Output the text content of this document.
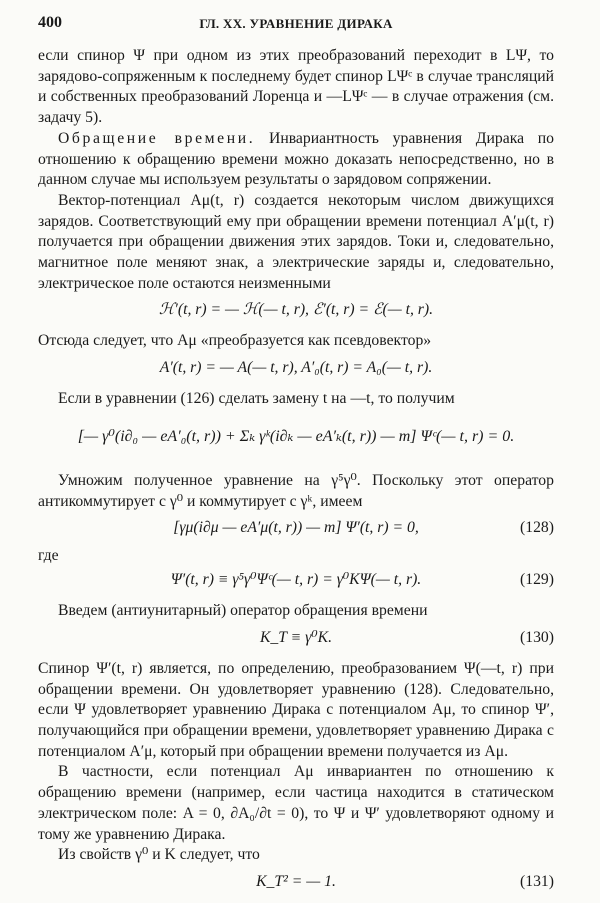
400	ГЛ. XX. УРАВНЕНИЕ ДИРАКА

если спинор Ψ при одном из этих преобразований переходит в LΨ, то зарядово-сопряженным к последнему будет спинор LΨᶜ в случае трансляций и собственных преобразований Лоренца и —LΨᶜ — в случае отражения (см. задачу 5).

Обращение времени. Инвариантность уравнения Дирака по отношению к обращению времени можно доказать непосредственно, но в данном случае мы используем результаты о зарядовом сопряжении.

Вектор-потенциал Aμ(t, r) создается некоторым числом движущихся зарядов. Соответствующий ему при обращении времени потенциал A′μ(t, r) получается при обращении движения этих зарядов. Токи и, следовательно, магнитное поле меняют знак, а электрические заряды и, следовательно, электрическое поле остаются неизменными

ℋ′(t, r) = — ℋ(— t, r), ℰ′(t, r) = ℰ(— t, r).

Отсюда следует, что Aμ «преобразуется как псевдовектор»

A′(t, r) = — A(— t, r), A′₀(t, r) = A₀(— t, r).

Если в уравнении (126) сделать замену t на —t, то получим

[— γ⁰(i∂₀ — eA′₀(t, r)) + Σₖ γᵏ(i∂ₖ — eA′ₖ(t, r)) — m] Ψᶜ(— t, r) = 0.

Умножим полученное уравнение на γ⁵γ⁰. Поскольку этот оператор антикоммутирует с γ⁰ и коммутирует с γᵏ, имеем

[γμ(i∂μ — eA′μ(t, r)) — m] Ψ′(t, r) = 0,	(128)
где
Ψ′(t, r) ≡ γ⁵γ⁰Ψᶜ(— t, r) = γ⁰KΨ(— t, r).	(129)

Введем (антиунитарный) оператор обращения времени

K_T ≡ γ⁰K.	(130)

Спинор Ψ′(t, r) является, по определению, преобразованием Ψ(—t, r) при обращении времени. Он удовлетворяет уравнению (128). Следовательно, если Ψ удовлетворяет уравнению Дирака с потенциалом Aμ, то спинор Ψ′, получающийся при обращении времени, удовлетворяет уравнению Дирака с потенциалом A′μ, который при обращении времени получается из Aμ.

В частности, если потенциал Aμ инвариантен по отношению к обращению времени (например, если частица находится в статическом электрическом поле: A = 0, ∂A₀/∂t = 0), то Ψ и Ψ′ удовлетворяют одному и тому же уравнению Дирака.

Из свойств γ⁰ и K следует, что

K_T² = — 1.	(131)
